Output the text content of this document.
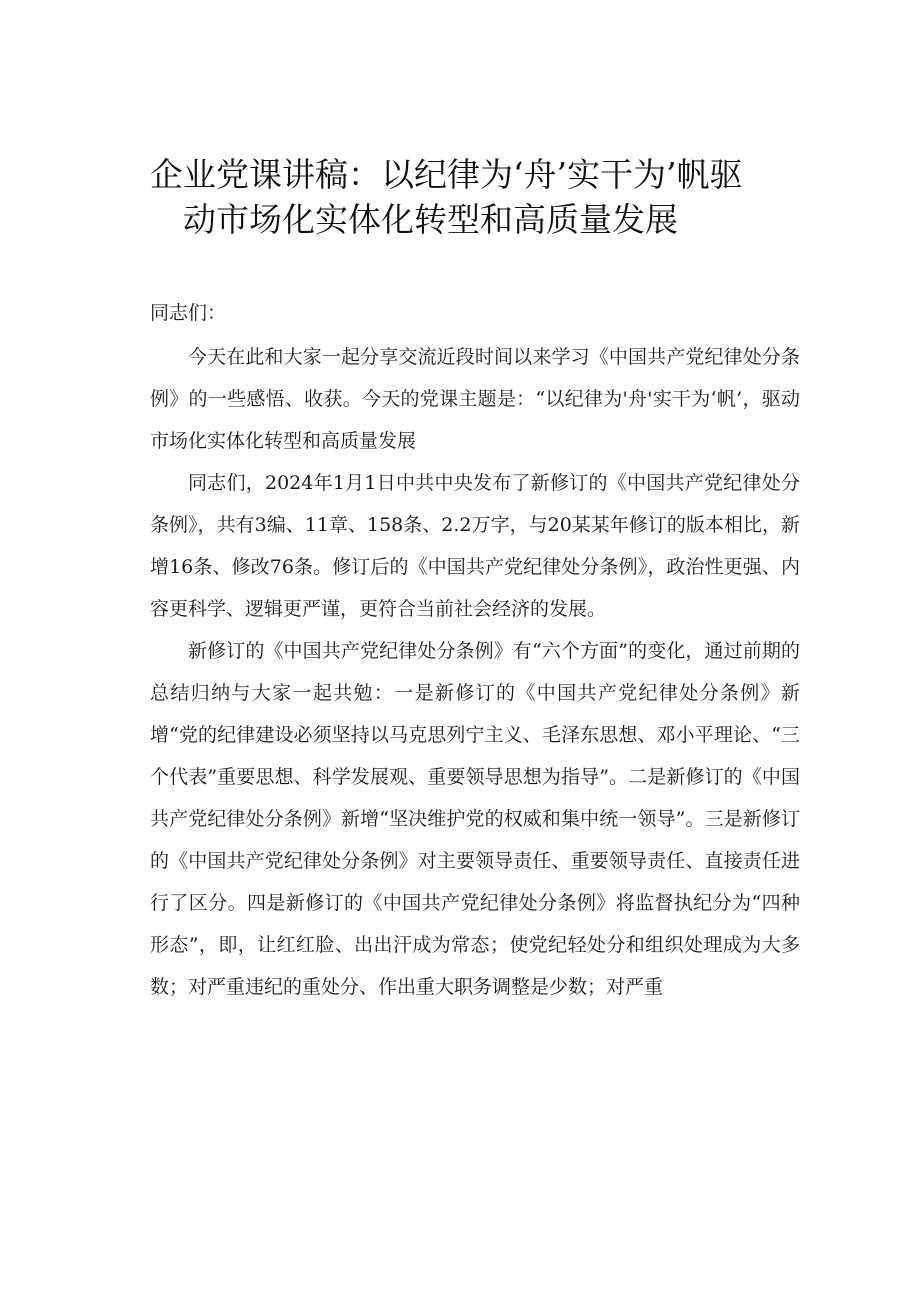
企业党课讲稿：以纪律为‘舟’实干为’帆驱
动市场化实体化转型和高质量发展

同志们：

今天在此和大家一起分享交流近段时间以来学习《中国共产党纪律处分条例》的一些感悟、收获。今天的党课主题是：“以纪律为'舟'实干为‘帆’，驱动市场化实体化转型和高质量发展

同志们，2024年1月1日中共中央发布了新修订的《中国共产党纪律处分条例》，共有3编、11章、158条、2.2万字，与20某某年修订的版本相比，新增16条、修改76条。修订后的《中国共产党纪律处分条例》，政治性更强、内容更科学、逻辑更严谨，更符合当前社会经济的发展。

新修订的《中国共产党纪律处分条例》有“六个方面”的变化，通过前期的总结归纳与大家一起共勉：一是新修订的《中国共产党纪律处分条例》新增“党的纪律建设必须坚持以马克思列宁主义、毛泽东思想、邓小平理论、“三个代表”重要思想、科学发展观、重要领导思想为指导”。二是新修订的《中国共产党纪律处分条例》新增“坚决维护党的权威和集中统一领导”。三是新修订的《中国共产党纪律处分条例》对主要领导责任、重要领导责任、直接责任进行了区分。四是新修订的《中国共产党纪律处分条例》将监督执纪分为“四种形态”，即，让红红脸、出出汗成为常态；使党纪轻处分和组织处理成为大多数；对严重违纪的重处分、作出重大职务调整是少数；对严重
